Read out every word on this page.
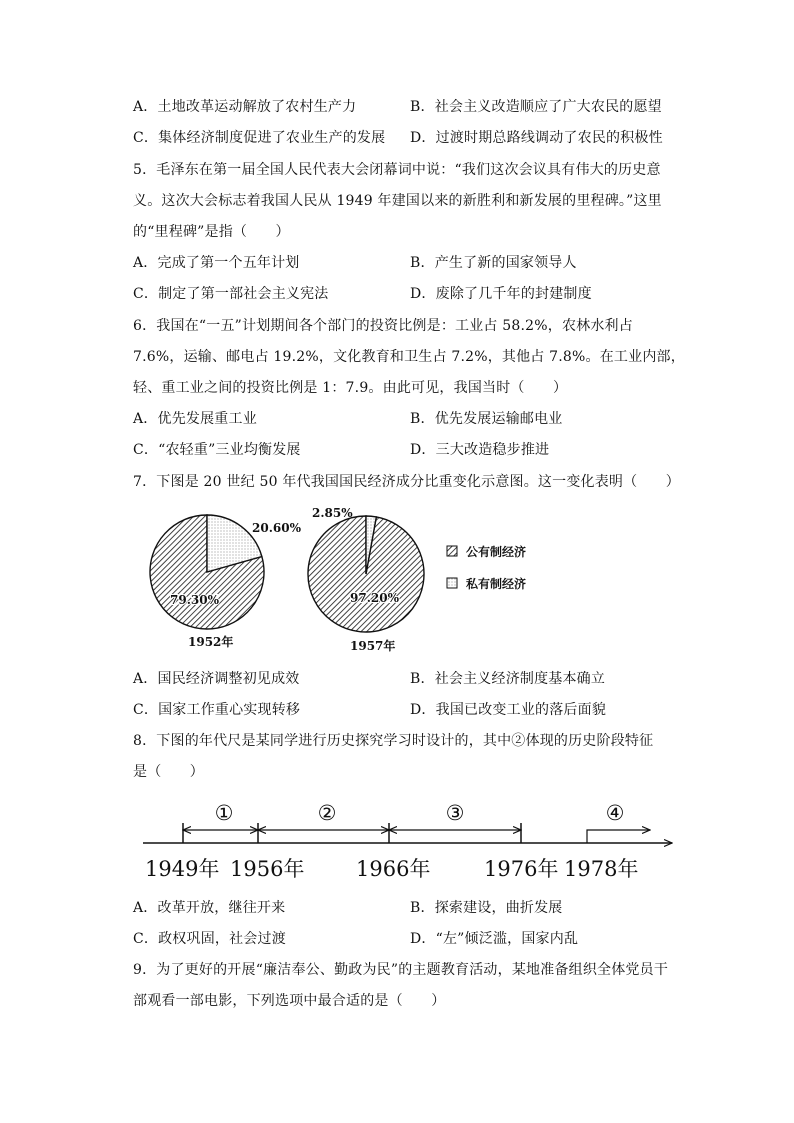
A．土地改革运动解放了农村生产力	B．社会主义改造顺应了广大农民的愿望
C．集体经济制度促进了农业生产的发展 D．过渡时期总路线调动了农民的积极性
5．毛泽东在第一届全国人民代表大会闭幕词中说：“我们这次会议具有伟大的历史意
义。这次大会标志着我国人民从 1949 年建国以来的新胜利和新发展的里程碑。”这里
的“里程碑”是指（　　）
A．完成了第一个五年计划	B．产生了新的国家领导人
C．制定了第一部社会主义宪法	D．废除了几千年的封建制度
6．我国在“一五”计划期间各个部门的投资比例是：工业占 58.2%，农林水利占
7.6%，运输、邮电占 19.2%，文化教育和卫生占 7.2%，其他占 7.8%。在工业内部，
轻、重工业之间的投资比例是 1：7.9。由此可见，我国当时（　　）
A．优先发展重工业	B．优先发展运输邮电业
C．“农轻重”三业均衡发展	D．三大改造稳步推进
7．下图是 20 世纪 50 年代我国国民经济成分比重变化示意图。这一变化表明（　　）
20.60%
79.30%
1952年
2.85%
97.20%
1957年
公有制经济
私有制经济
A．国民经济调整初见成效	B．社会主义经济制度基本确立
C．国家工作重心实现转移	D．我国已改变工业的落后面貌
8．下图的年代尺是某同学进行历史探究学习时设计的，其中②体现的历史阶段特征
是（　　）
①	②	③	④
1949年 1956年 1966年	1976年 1978年
A．改革开放，继往开来	B．探索建设，曲折发展
C．政权巩固，社会过渡	D．“左”倾泛滥，国家内乱
9．为了更好的开展“廉洁奉公、勤政为民”的主题教育活动，某地准备组织全体党员干
部观看一部电影，下列选项中最合适的是（　　）
